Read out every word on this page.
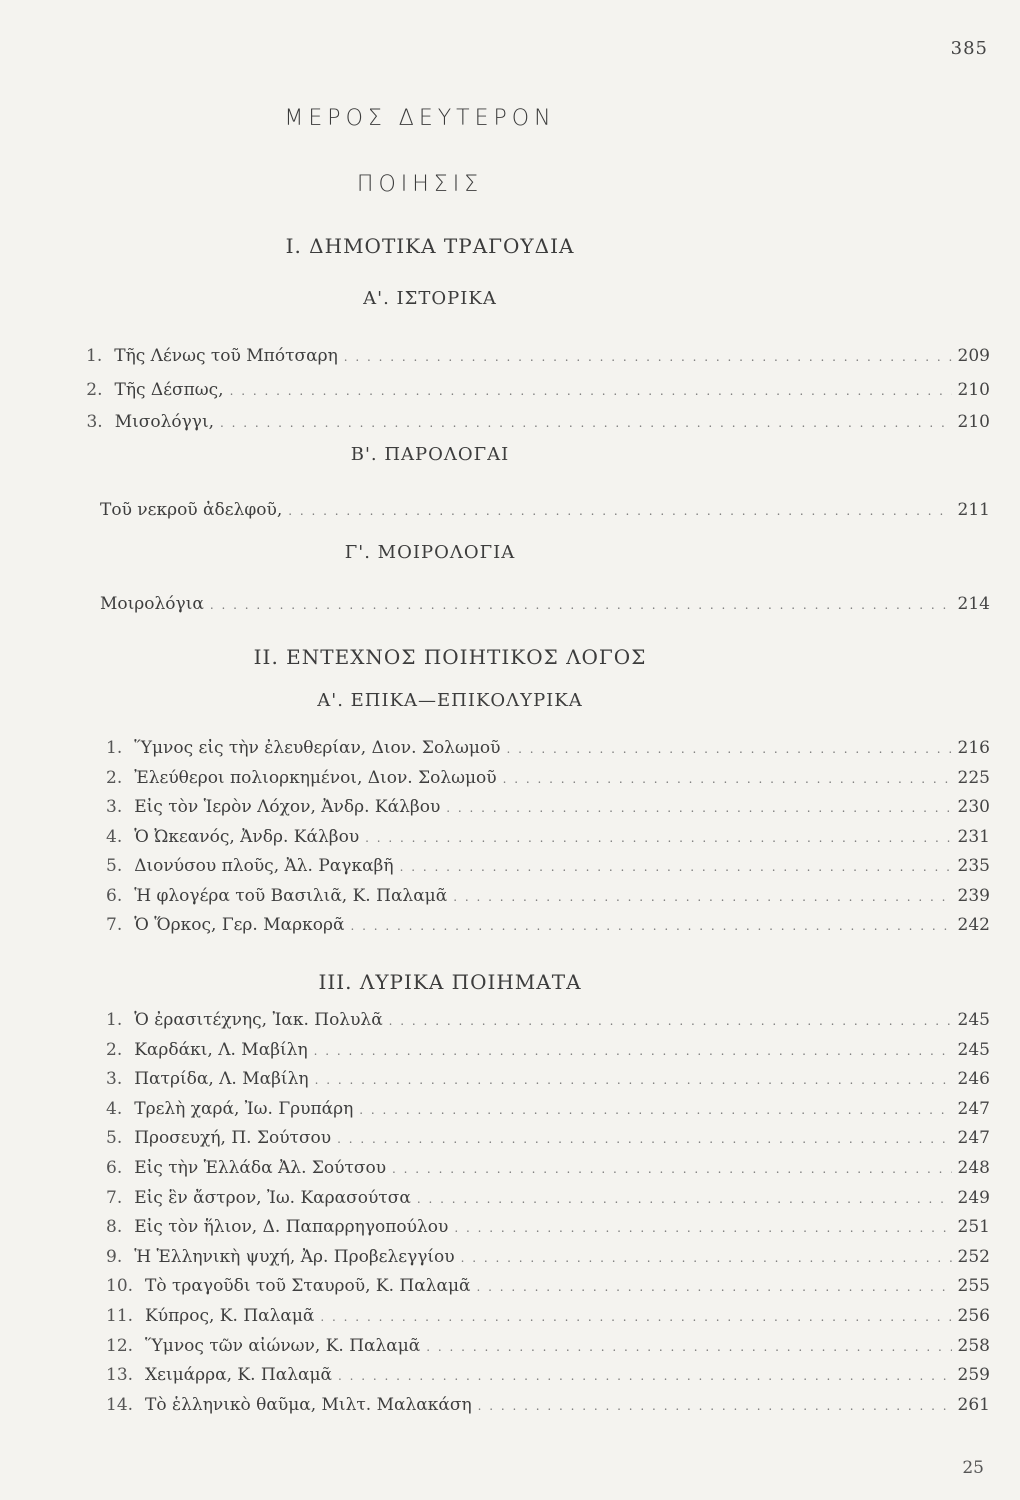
385
ΜΕΡΟΣ ΔΕΥΤΕΡΟΝ
ΠΟΙΗΣΙΣ
Ι. ΔΗΜΟΤΙΚΑ ΤΡΑΓΟΥΔΙΑ
Α'. ΙΣΤΟΡΙΚΑ
1. Τῆς Λένως τοῦ Μπότσαρη . . .	209
2. Τῆς Δέσπως, . . .	210
3. Μισολόγγι, . . .	210
Β'. ΠΑΡΟΛΟΓΑΙ
Τοῦ νεκροῦ ἀδελφοῦ, . . .	211
Γ'. ΜΟΙΡΟΛΟΓΙΑ
Μοιρολόγια . . .	214
ΙΙ. ΕΝΤΕΧΝΟΣ ΠΟΙΗΤΙΚΟΣ ΛΟΓΟΣ
Α'. ΕΠΙΚΑ—ΕΠΙΚΟΛΥΡΙΚΑ
1. Ὕμνος εἰς τὴν ἐλευθερίαν, Διον. Σολωμοῦ . . .	216
2. Ἐλεύθεροι πολιορκημένοι, Διον. Σολωμοῦ . . .	225
3. Εἰς τὸν Ἱερὸν Λόχον, Ἀνδρ. Κάλβου . . .	230
4. Ὁ Ὠκεανός, Ἀνδρ. Κάλβου . . .	231
5. Διονύσου πλοῦς, Ἀλ. Ραγκαβῆ . . .	235
6. Ἡ φλογέρα τοῦ Βασιλιᾶ, Κ. Παλαμᾶ . . .	239
7. Ὁ Ὅρκος, Γερ. Μαρκορᾶ . . .	242
ΙΙΙ. ΛΥΡΙΚΑ ΠΟΙΗΜΑΤΑ
1. Ὁ ἐρασιτέχνης, Ἰακ. Πολυλᾶ . . .	245
2. Καρδάκι, Λ. Μαβίλη . . .	245
3. Πατρίδα, Λ. Μαβίλη . . .	246
4. Τρελὴ χαρά, Ἰω. Γρυπάρη . . .	247
5. Προσευχή, Π. Σούτσου . . .	247
6. Εἰς τὴν Ἑλλάδα Ἀλ. Σούτσου . . .	248
7. Εἰς ἓν ἄστρον, Ἰω. Καρασούτσα . . .	249
8. Εἰς τὸν ἥλιον, Δ. Παπαρρηγοπούλου . . .	251
9. Ἡ Ἑλληνικὴ ψυχή, Ἀρ. Προβελεγγίου . . .	252
10. Τὸ τραγοῦδι τοῦ Σταυροῦ, Κ. Παλαμᾶ . . .	255
11. Κύπρος, Κ. Παλαμᾶ . . .	256
12. Ὕμνος τῶν αἰώνων, Κ. Παλαμᾶ . . .	258
13. Χειμάρρα, Κ. Παλαμᾶ . . .	259
14. Τὸ ἑλληνικὸ θαῦμα, Μιλτ. Μαλακάση . . .	261
25
